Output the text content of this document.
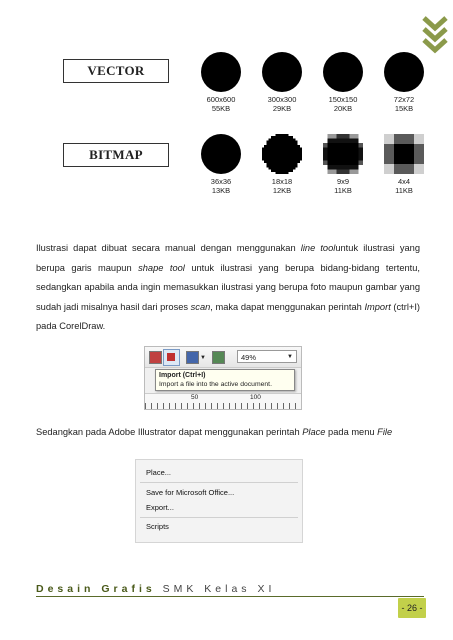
VECTOR
600x600
55KB
300x300
29KB
150x150
20KB
72x72
15KB
BITMAP
36x36
13KB
18x18
12KB
9x9
11KB
4x4
11KB
Ilustrasi dapat dibuat secara manual dengan menggunakan line tooluntuk ilustrasi yang
berupa garis maupun shape tool untuk ilustrasi yang berupa bidang-bidang tertentu,
sedangkan apabila anda ingin memasukkan ilustrasi yang berupa foto maupun gambar yang
sudah jadi misalnya hasil dari proses scan, maka dapat menggunakan perintah Import (ctrl+I)
pada CorelDraw.
▼	49%	▼
Import (Ctrl+I)
Import a file into the active document.
50	100
Sedangkan pada Adobe Illustrator dapat menggunakan perintah Place pada menu File
Place...
Save for Microsoft Office...
Export...
Scripts
Desain Grafis SMK Kelas XI
- 26 -
